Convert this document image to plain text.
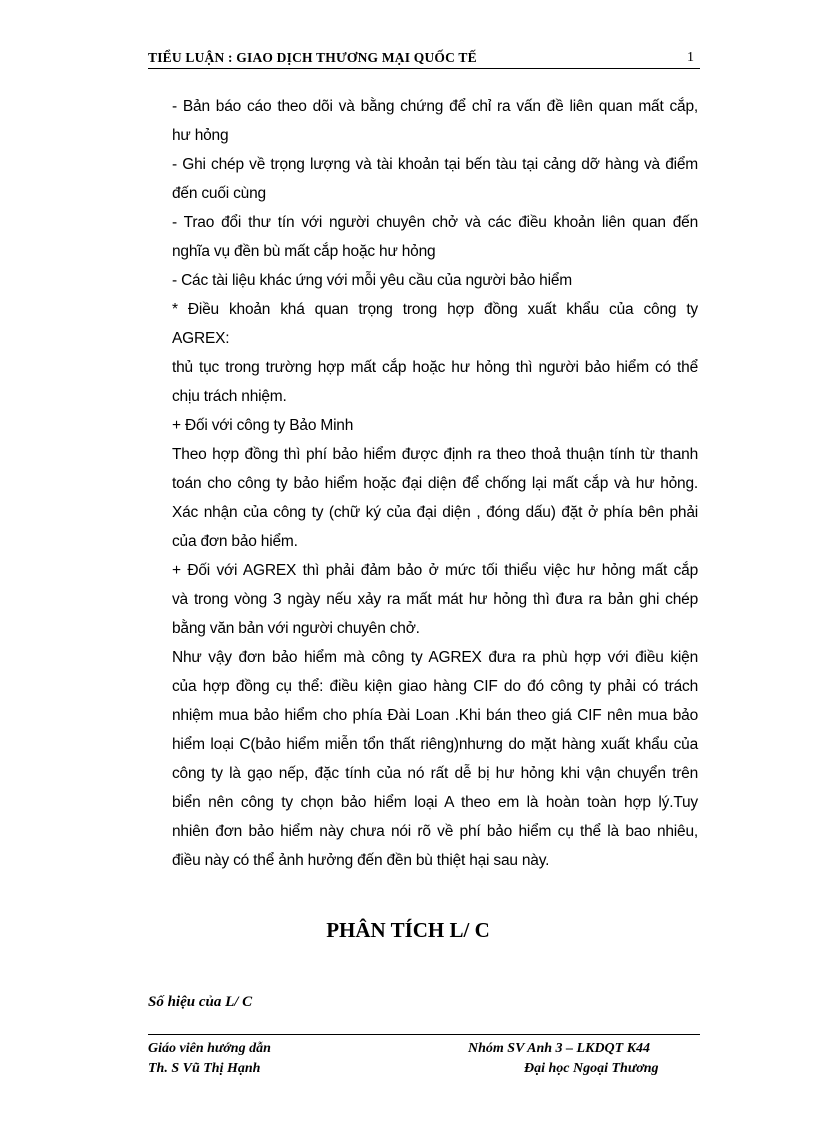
TIỂU LUẬN : GIAO DỊCH THƯƠNG MẠI QUỐC TẾ	1
- Bản báo cáo theo dõi và bằng chứng để chỉ ra vấn đề liên quan mất cắp,
hư hỏng
- Ghi chép về trọng lượng và tài khoản tại bến tàu tại cảng dỡ hàng và điểm
đến cuối cùng
- Trao đổi thư tín với người chuyên chở và các điều khoản liên quan đến
nghĩa vụ đền bù mất cắp hoặc hư hỏng
- Các tài liệu khác ứng với mỗi yêu cầu của người bảo hiểm
* Điều khoản khá quan trọng trong hợp đồng xuất khẩu của công ty
AGREX:
thủ tục trong trường hợp mất cắp hoặc hư hỏng thì người bảo hiểm có thể
chịu trách nhiệm.
+ Đối với công ty Bảo Minh
Theo hợp đồng thì phí bảo hiểm được định ra theo thoả thuận tính từ thanh
toán cho công ty bảo hiểm hoặc đại diện để chống lại mất cắp và hư hỏng.
Xác nhận của công ty (chữ ký của đại diện , đóng dấu) đặt ở phía bên phải
của đơn bảo hiểm.
+ Đối với AGREX thì phải đảm bảo ở mức tối thiểu việc hư hỏng mất cắp
và trong vòng 3 ngày nếu xảy ra mất mát hư hỏng thì đưa ra bản ghi chép
bằng văn bản với người chuyên chở.
Như vậy đơn bảo hiểm mà công ty AGREX đưa ra phù hợp với điều kiện
của hợp đồng cụ thể: điều kiện giao hàng CIF do đó công ty phải có trách
nhiệm mua bảo hiểm cho phía Đài Loan .Khi bán theo giá CIF nên mua bảo
hiểm loại C(bảo hiểm miễn tổn thất riêng)nhưng do mặt hàng xuất khẩu của
công ty là gạo nếp, đặc tính của nó rất dễ bị hư hỏng khi vận chuyển trên
biển nên công ty chọn bảo hiểm loại A theo em là hoàn toàn hợp lý.Tuy
nhiên đơn bảo hiểm này chưa nói rõ về phí bảo hiểm cụ thể là bao nhiêu,
điều này có thể ảnh hưởng đến đền bù thiệt hại sau này.
PHÂN TÍCH L/ C
Số hiệu của L/ C
Giáo viên hướng dẫn
Th. S Vũ Thị Hạnh
Nhóm SV Anh 3 – LKDQT K44
Đại học Ngoại Thương
